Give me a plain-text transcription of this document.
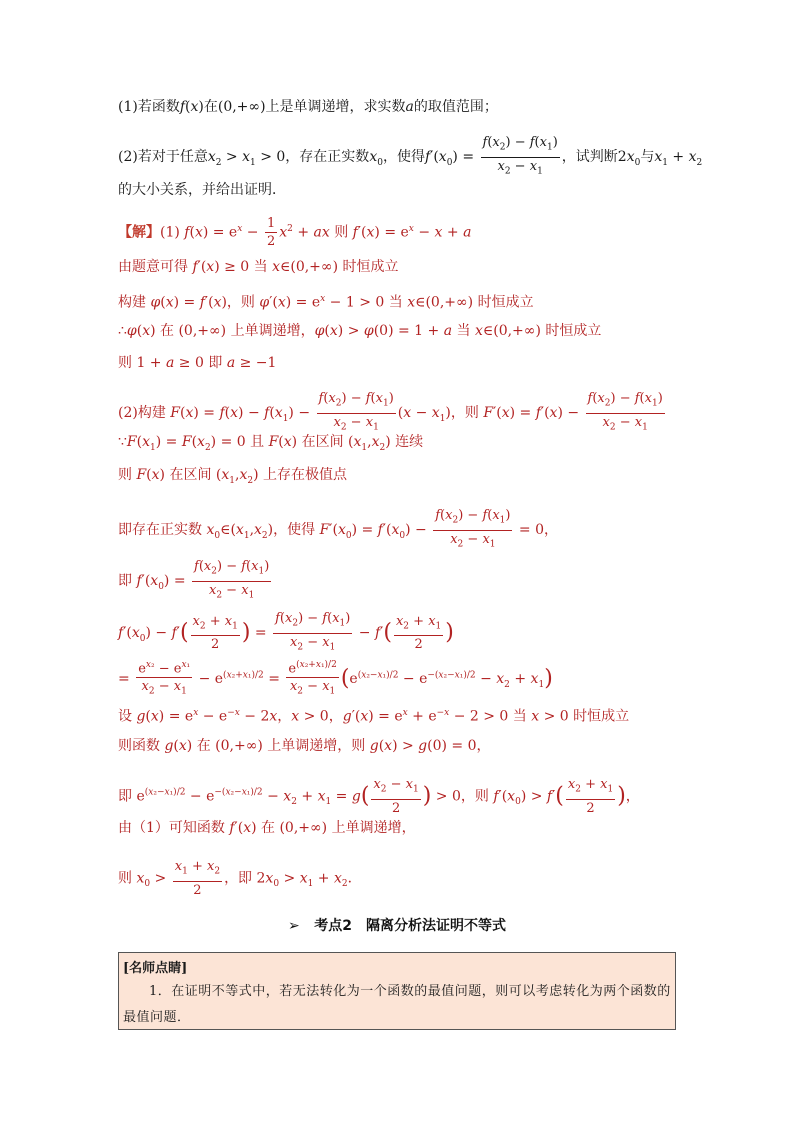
(1)若函数f(x)在(0,+∞)上是单调递增，求实数a的取值范围；
(2)若对于任意$x_2 > x_1 > 0$，存在正实数$x_0$，使得$f'(x_0) = \frac{f(x_2) - f(x_1)}{x_2 - x_1}$ ，试判断$2x_0$与$x_1 + x_2$
的大小关系，并给出证明．
【解】(1) $f(x) = e^x - \frac{1}{2} x^2$ + ax 则 $f'(x) = e^x - x + a$
由题意可得 f′(x) ≥ 0 当 x∈(0,+∞) 时恒成立
构建 φ(x) = f′(x)，则 $\varphi'(x) = e^x - 1 > 0$ 当 x∈(0,+∞) 时恒成立
∴φ(x) 在 (0,+∞) 上单调递增，φ(x) > φ(0) = 1 + a 当 x∈(0,+∞) 时恒成立
则 1 + a ≥ 0 即 a ≥ −1
(2)构建 $F(x) = f(x) - f(x_1) - \frac{f(x_2) - f(x_1)}{x_2 - x_1} (x - x_1)$，则 $F'(x) = f'(x) - \frac{f(x_2) - f(x_1)}{x_2 - x_1}$
$\because F(x_1) = F(x_2) = 0$ 且 F(x) 在区间 $(x_1,x_2)$ 连续
则 F(x) 在区间 $(x_1,x_2)$ 上存在极值点
即存在正实数 $x_0\in(x_1,x_2)$，使得 $F'(x_0) = f'(x_0) - \frac{f(x_2) - f(x_1)}{x_2 - x_1} = 0$，
即 $f'(x_0) = \frac{f(x_2) - f(x_1)}{x_2 - x_1}$
$f'(x_0) - f'( \frac{x_2 + x_1}{2}$ ) = $\frac{f(x_2) - f(x_1)}{x_2 - x_1} - f'( \frac{x_2 + x_1}{2}$ )
= $\frac{e^{x_2} - e^{x_1}}{x_2 - x_1} - e^{(x_2+x_1)/2} = \frac{e^{(x_2+x_1)/2}}{x_2 - x_1} (e^{(x_2-x_1)/2} - e^{-(x_2-x_1)/2} - x_2 + x_1)$
设 $g(x) = e^x - e^{-x} - 2x$，x > 0，$g'(x) = e^x + e^{-x} - 2 > 0$ 当 x > 0 时恒成立
则函数 g(x) 在 (0,+∞) 上单调递增，则 g(x) > g(0) = 0，
即 $e^{(x_2-x_1)/2} - e^{-(x_2-x_1)/2} - x_2 + x_1 = g( \frac{x_2 - x_1}{2}$ ) > 0，则 $f'(x_0) > f'( \frac{x_2 + x_1}{2}$ )，
由（1）可知函数 f′(x) 在 (0,+∞) 上单调递增，
则 $x_0 > \frac{x_1 + x_2}{2}$ ，即 $2x_0 > x_1 + x_2$．
➢ 考点2　隔离分析法证明不等式
[名师点睛]
1．在证明不等式中，若无法转化为一个函数的最值问题，则可以考虑转化为两个函数的最值问题．
